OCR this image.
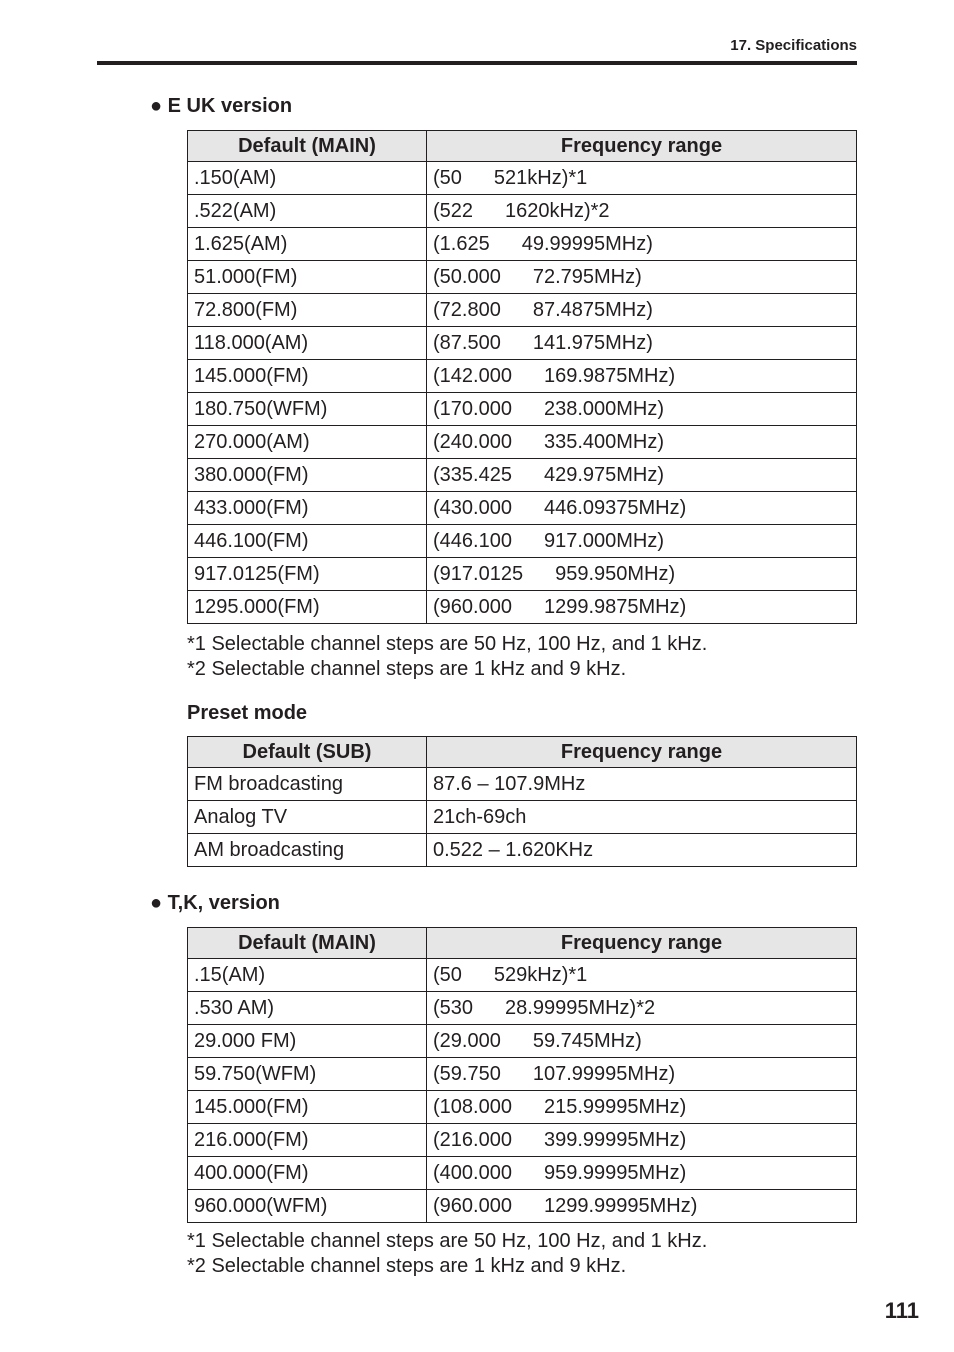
17. Specifications
● E UK version
Default (MAIN)	Frequency range
.150(AM)	(50 521kHz)*1
.522(AM)	(522 1620kHz)*2
1.625(AM)	(1.625 49.99995MHz)
51.000(FM)	(50.000 72.795MHz)
72.800(FM)	(72.800 87.4875MHz)
118.000(AM)	(87.500 141.975MHz)
145.000(FM)	(142.000 169.9875MHz)
180.750(WFM)	(170.000 238.000MHz)
270.000(AM)	(240.000 335.400MHz)
380.000(FM)	(335.425 429.975MHz)
433.000(FM)	(430.000 446.09375MHz)
446.100(FM)	(446.100 917.000MHz)
917.0125(FM)	(917.0125 959.950MHz)
1295.000(FM)	(960.000 1299.9875MHz)
*1 Selectable channel steps are 50 Hz, 100 Hz, and 1 kHz.
*2 Selectable channel steps are 1 kHz and 9 kHz.
Preset mode
Default (SUB)	Frequency range
FM broadcasting	87.6 – 107.9MHz
Analog TV	21ch-69ch
AM broadcasting	0.522 – 1.620KHz
● T,K, version
Default (MAIN)	Frequency range
.15(AM)	(50 529kHz)*1
.530 AM)	(530 28.99995MHz)*2
29.000 FM)	(29.000 59.745MHz)
59.750(WFM)	(59.750 107.99995MHz)
145.000(FM)	(108.000 215.99995MHz)
216.000(FM)	(216.000 399.99995MHz)
400.000(FM)	(400.000 959.99995MHz)
960.000(WFM)	(960.000 1299.99995MHz)
*1 Selectable channel steps are 50 Hz, 100 Hz, and 1 kHz.
*2 Selectable channel steps are 1 kHz and 9 kHz.
111
